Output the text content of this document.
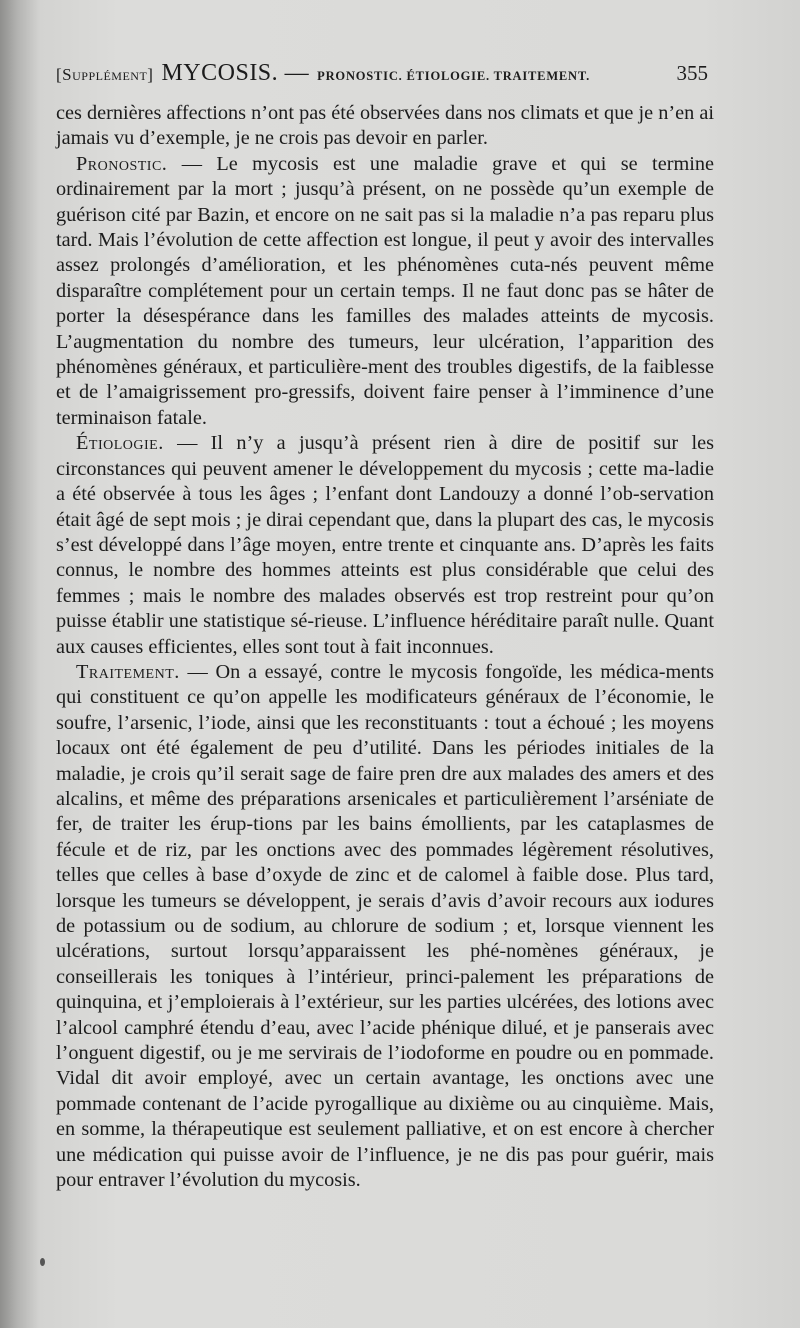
[Supplément] MYCOSIS. — PRONOSTIC. ÉTIOLOGIE. TRAITEMENT.	355

ces dernières affections n’ont pas été observées dans nos climats et que je n’en ai jamais vu d’exemple, je ne crois pas devoir en parler.

Pronostic. — Le mycosis est une maladie grave et qui se termine ordinairement par la mort ; jusqu’à présent, on ne possède qu’un exemple de guérison cité par Bazin, et encore on ne sait pas si la maladie n’a pas reparu plus tard. Mais l’évolution de cette affection est longue, il peut y avoir des intervalles assez prolongés d’amélioration, et les phénomènes cuta-nés peuvent même disparaître complétement pour un certain temps. Il ne faut donc pas se hâter de porter la désespérance dans les familles des malades atteints de mycosis. L’augmentation du nombre des tumeurs, leur ulcération, l’apparition des phénomènes généraux, et particulière-ment des troubles digestifs, de la faiblesse et de l’amaigrissement pro-gressifs, doivent faire penser à l’imminence d’une terminaison fatale.

Étiologie. — Il n’y a jusqu’à présent rien à dire de positif sur les circonstances qui peuvent amener le développement du mycosis ; cette ma-ladie a été observée à tous les âges ; l’enfant dont Landouzy a donné l’ob-servation était âgé de sept mois ; je dirai cependant que, dans la plupart des cas, le mycosis s’est développé dans l’âge moyen, entre trente et cinquante ans. D’après les faits connus, le nombre des hommes atteints est plus considérable que celui des femmes ; mais le nombre des malades observés est trop restreint pour qu’on puisse établir une statistique sé-rieuse. L’influence héréditaire paraît nulle. Quant aux causes efficientes, elles sont tout à fait inconnues.

Traitement. — On a essayé, contre le mycosis fongoïde, les médica-ments qui constituent ce qu’on appelle les modificateurs généraux de l’économie, le soufre, l’arsenic, l’iode, ainsi que les reconstituants : tout a échoué ; les moyens locaux ont été également de peu d’utilité. Dans les périodes initiales de la maladie, je crois qu’il serait sage de faire pren dre aux malades des amers et des alcalins, et même des préparations arsenicales et particulièrement l’arséniate de fer, de traiter les érup-tions par les bains émollients, par les cataplasmes de fécule et de riz, par les onctions avec des pommades légèrement résolutives, telles que celles à base d’oxyde de zinc et de calomel à faible dose. Plus tard, lorsque les tumeurs se développent, je serais d’avis d’avoir recours aux iodures de potassium ou de sodium, au chlorure de sodium ; et, lorsque viennent les ulcérations, surtout lorsqu’apparaissent les phé-nomènes généraux, je conseillerais les toniques à l’intérieur, princi-palement les préparations de quinquina, et j’emploierais à l’extérieur, sur les parties ulcérées, des lotions avec l’alcool camphré étendu d’eau, avec l’acide phénique dilué, et je panserais avec l’onguent digestif, ou je me servirais de l’iodoforme en poudre ou en pommade. Vidal dit avoir employé, avec un certain avantage, les onctions avec une pommade contenant de l’acide pyrogallique au dixième ou au cinquième. Mais, en somme, la thérapeutique est seulement palliative, et on est encore à chercher une médication qui puisse avoir de l’influence, je ne dis pas pour guérir, mais pour entraver l’évolution du mycosis.
